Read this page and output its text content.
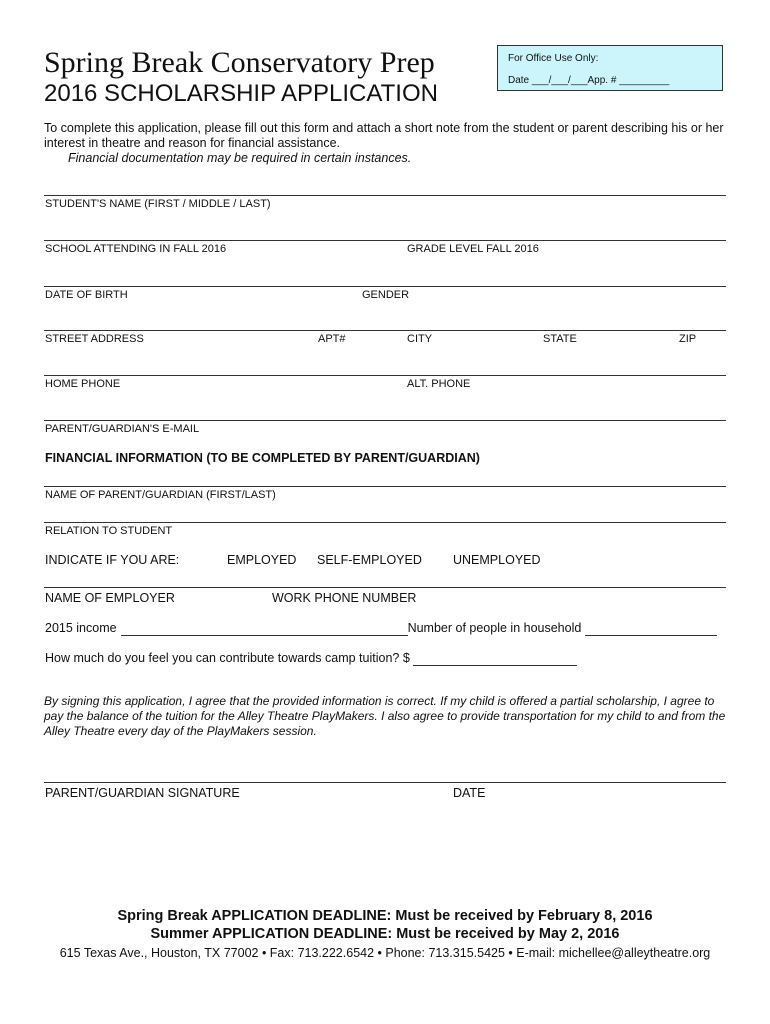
Spring Break Conservatory Prep
2016 SCHOLARSHIP APPLICATION
For Office Use Only:
Date ___/___/___App. # _________
To complete this application, please fill out this form and attach a short note from the student or parent describing his or her interest in theatre and reason for financial assistance.
Financial documentation may be required in certain instances.
STUDENT'S NAME (FIRST / MIDDLE / LAST)
SCHOOL ATTENDING IN FALL 2016	GRADE LEVEL FALL 2016
DATE OF BIRTH	GENDER
STREET ADDRESS	APT#	CITY	STATE	ZIP
HOME PHONE	ALT. PHONE
PARENT/GUARDIAN'S E-MAIL
FINANCIAL INFORMATION (TO BE COMPLETED BY PARENT/GUARDIAN)
NAME OF PARENT/GUARDIAN (FIRST/LAST)
RELATION TO STUDENT
INDICATE IF YOU ARE:	EMPLOYED SELF-EMPLOYED UNEMPLOYED
NAME OF EMPLOYER	WORK PHONE NUMBER
2015 income	Number of people in household
How much do you feel you can contribute towards camp tuition? $
By signing this application, I agree that the provided information is correct. If my child is offered a partial scholarship, I agree to pay the balance of the tuition for the Alley Theatre PlayMakers. I also agree to provide transportation for my child to and from the Alley Theatre every day of the PlayMakers session.
PARENT/GUARDIAN SIGNATURE	DATE
Spring Break APPLICATION DEADLINE: Must be received by February 8, 2016
Summer APPLICATION DEADLINE: Must be received by May 2, 2016
615 Texas Ave., Houston, TX 77002 • Fax: 713.222.6542 • Phone: 713.315.5425 • E-mail: michellee@alleytheatre.org
